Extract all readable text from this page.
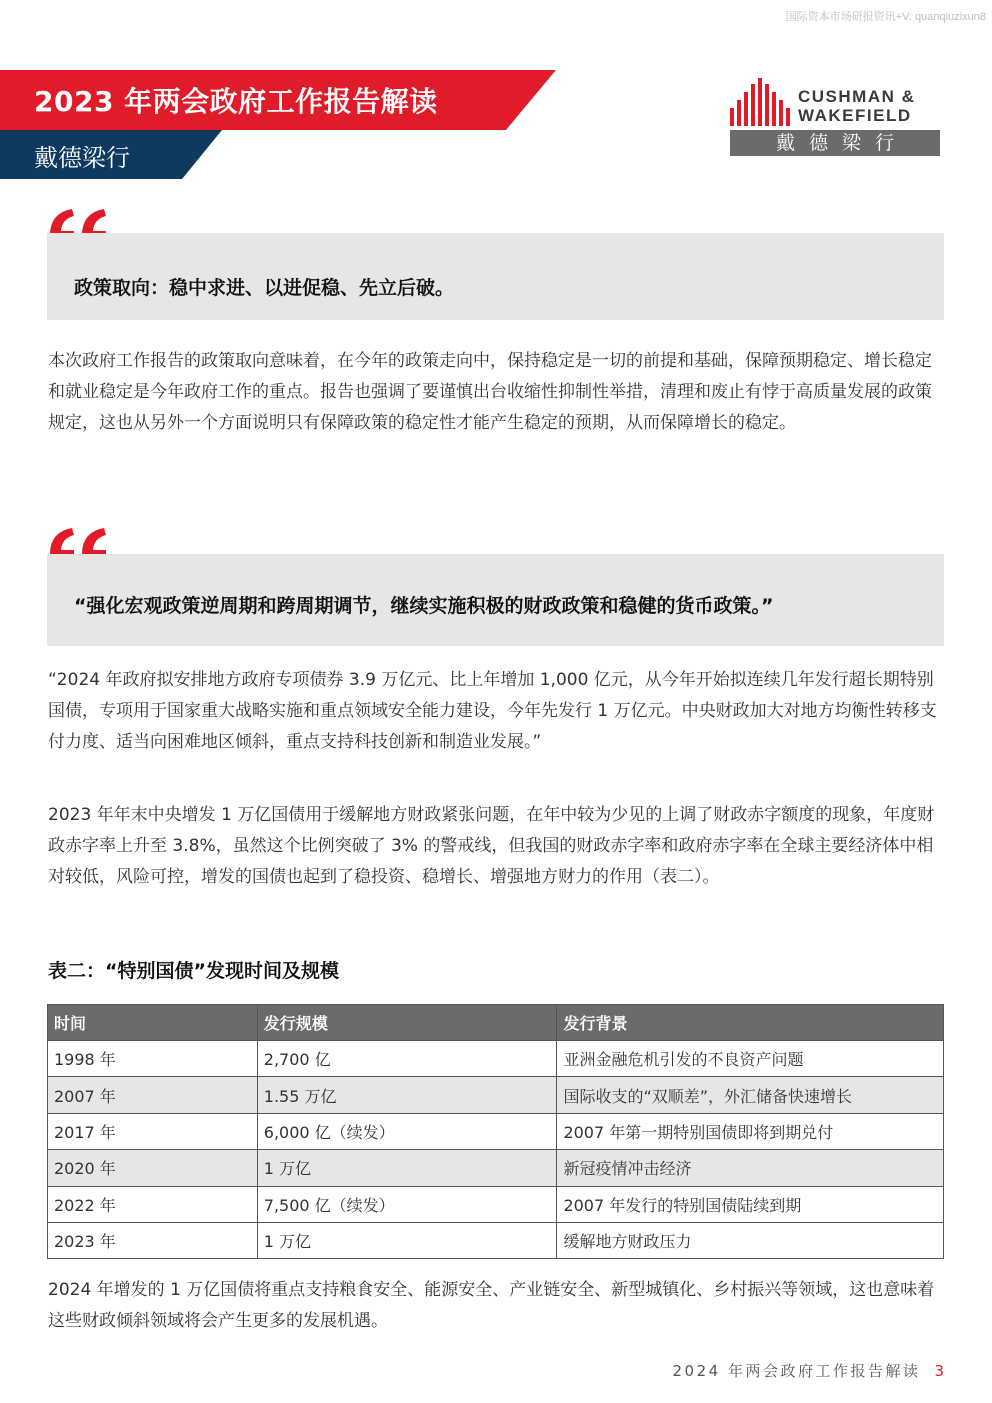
国际资本市场研报资讯+V: quanqiuzixun8
2023 年两会政府工作报告解读
戴德梁行
CUSHMAN &
WAKEFIELD
戴德梁行
政策取向：稳中求进、以进促稳、先立后破。
本次政府工作报告的政策取向意味着，在今年的政策走向中，保持稳定是一切的前提和基础，保障预期稳定、增长稳定和就业稳定是今年政府工作的重点。报告也强调了要谨慎出台收缩性抑制性举措，清理和废止有悖于高质量发展的政策规定，这也从另外一个方面说明只有保障政策的稳定性才能产生稳定的预期，从而保障增长的稳定。
“强化宏观政策逆周期和跨周期调节，继续实施积极的财政政策和稳健的货币政策。”
“2024 年政府拟安排地方政府专项债券 3.9 万亿元、比上年增加 1,000 亿元，从今年开始拟连续几年发行超长期特别国债，专项用于国家重大战略实施和重点领域安全能力建设，今年先发行 1 万亿元。中央财政加大对地方均衡性转移支付力度、适当向困难地区倾斜，重点支持科技创新和制造业发展。”
2023 年年末中央增发 1 万亿国债用于缓解地方财政紧张问题，在年中较为少见的上调了财政赤字额度的现象，年度财政赤字率上升至 3.8%，虽然这个比例突破了 3% 的警戒线，但我国的财政赤字率和政府赤字率在全球主要经济体中相对较低，风险可控，增发的国债也起到了稳投资、稳增长、增强地方财力的作用（表二）。
表二：“特别国债”发现时间及规模
时间	发行规模	发行背景
1998 年	2,700 亿	亚洲金融危机引发的不良资产问题
2007 年	1.55 万亿	国际收支的“双顺差”，外汇储备快速增长
2017 年	6,000 亿（续发）	2007 年第一期特别国债即将到期兑付
2020 年	1 万亿	新冠疫情冲击经济
2022 年	7,500 亿（续发）	2007 年发行的特别国债陆续到期
2023 年	1 万亿	缓解地方财政压力
2024 年增发的 1 万亿国债将重点支持粮食安全、能源安全、产业链安全、新型城镇化、乡村振兴等领域，这也意味着这些财政倾斜领域将会产生更多的发展机遇。
2024 年两会政府工作报告解读 3
